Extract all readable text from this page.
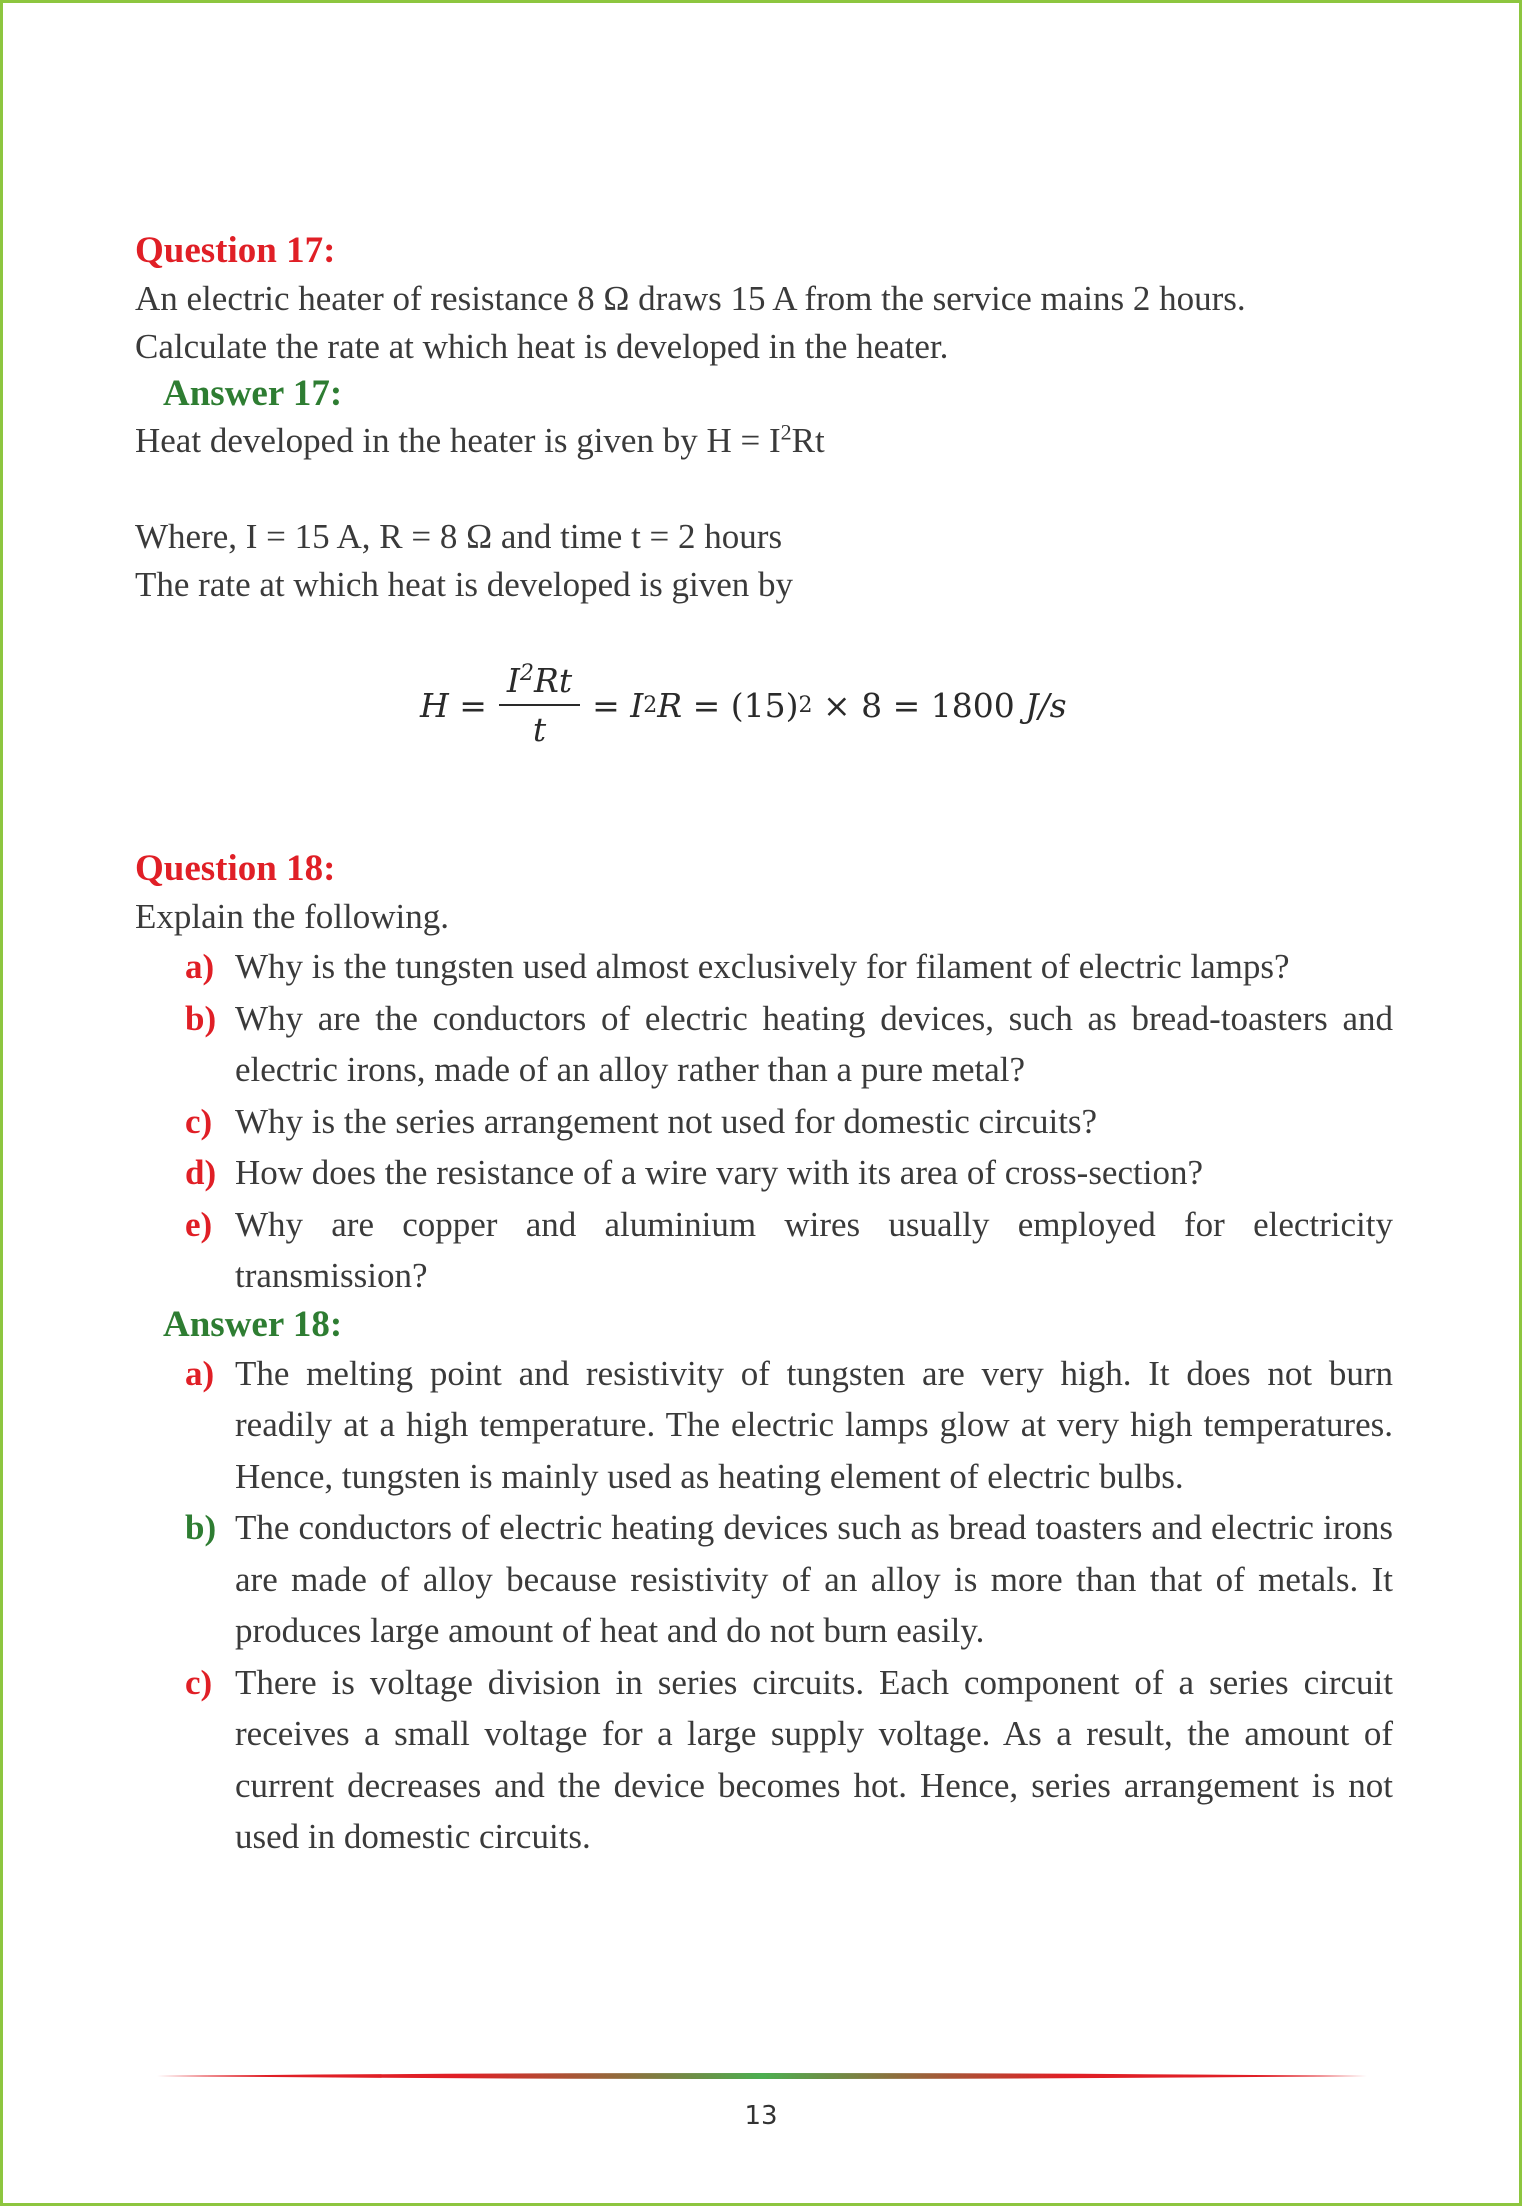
Question 17:

An electric heater of resistance 8 Ω draws 15 A from the service mains 2 hours.

Calculate the rate at which heat is developed in the heater.

Answer 17:

Heat developed in the heater is given by $H = I^2Rt$

Where, I = 15 A, R = 8 Ω and time t = 2 hours

The rate at which heat is developed is given by

$H = \frac{I^2Rt}{t}$ =
I 2 R
= (15) 2
× 8 = 1800
J/s
Question 18:

Explain the following.

a) Why is the tungsten used almost exclusively for filament of electric lamps?
b) Why are the conductors of electric heating devices, such as bread-toasters and electric irons, made of an alloy rather than a pure metal?
c) Why is the series arrangement not used for domestic circuits?
d) How does the resistance of a wire vary with its area of cross-section?
e) Why are copper and aluminium wires usually employed for electricity transmission?
Answer 18:
a) The melting point and resistivity of tungsten are very high. It does not burn readily at a high temperature. The electric lamps glow at very high temperatures. Hence, tungsten is mainly used as heating element of electric bulbs.
b) The conductors of electric heating devices such as bread toasters and electric irons are made of alloy because resistivity of an alloy is more than that of metals. It produces large amount of heat and do not burn easily.
c) There is voltage division in series circuits. Each component of a series circuit receives a small voltage for a large supply voltage. As a result, the amount of current decreases and the device becomes hot. Hence, series arrangement is not used in domestic circuits.
13
